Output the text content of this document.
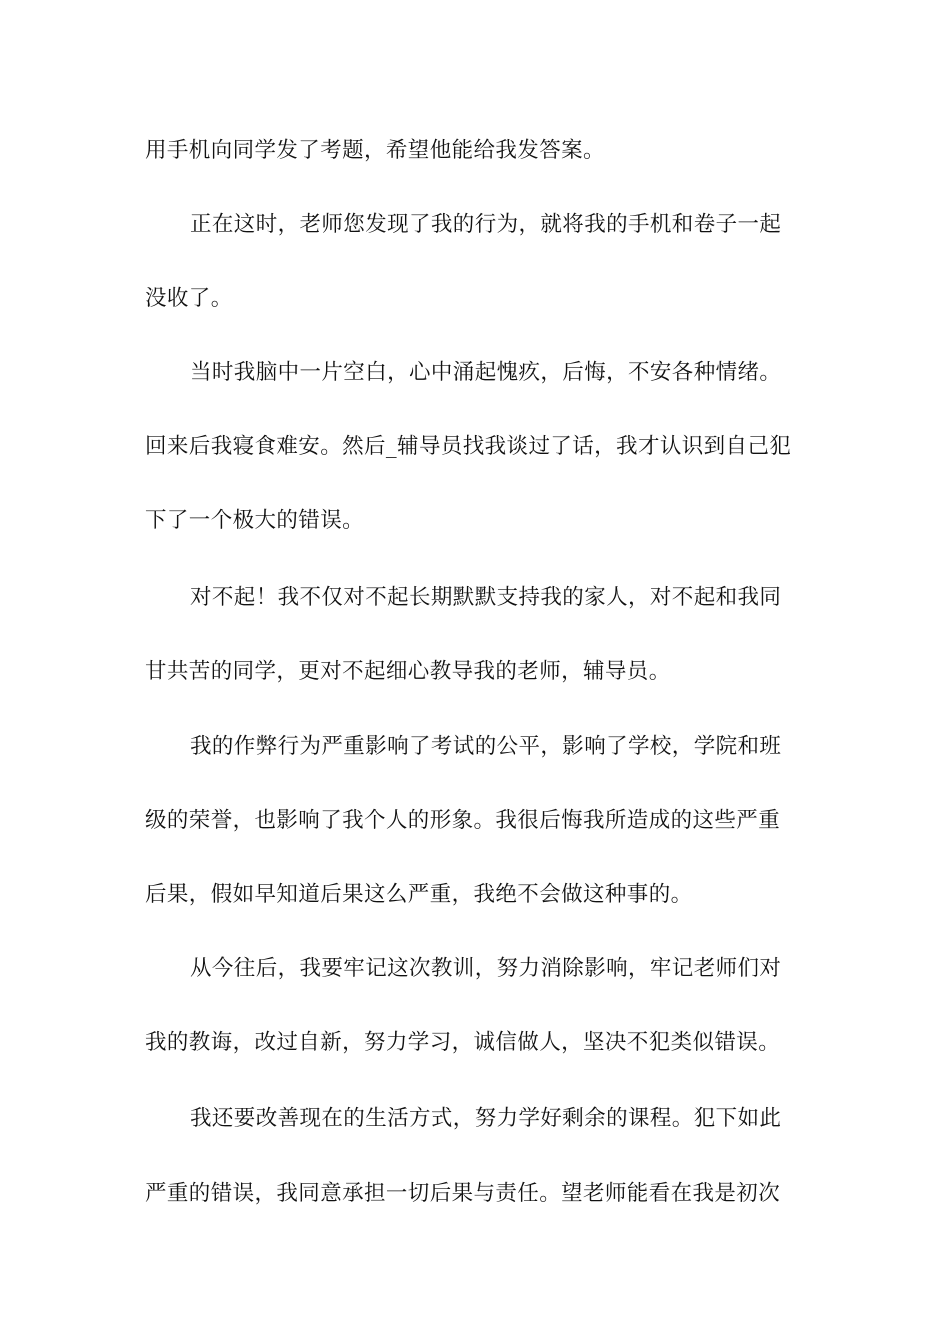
用手机向同学发了考题，希望他能给我发答案。
正在这时，老师您发现了我的行为，就将我的手机和卷子一起
没收了。
当时我脑中一片空白，心中涌起愧疚，后悔，不安各种情绪。
回来后我寝食难安。然后_辅导员找我谈过了话，我才认识到自己犯
下了一个极大的错误。
对不起！我不仅对不起长期默默支持我的家人，对不起和我同
甘共苦的同学，更对不起细心教导我的老师，辅导员。
我的作弊行为严重影响了考试的公平，影响了学校，学院和班
级的荣誉，也影响了我个人的形象。我很后悔我所造成的这些严重
后果，假如早知道后果这么严重，我绝不会做这种事的。
从今往后，我要牢记这次教训，努力消除影响，牢记老师们对
我的教诲，改过自新，努力学习，诚信做人，坚决不犯类似错误。
我还要改善现在的生活方式，努力学好剩余的课程。犯下如此
严重的错误，我同意承担一切后果与责任。望老师能看在我是初次
